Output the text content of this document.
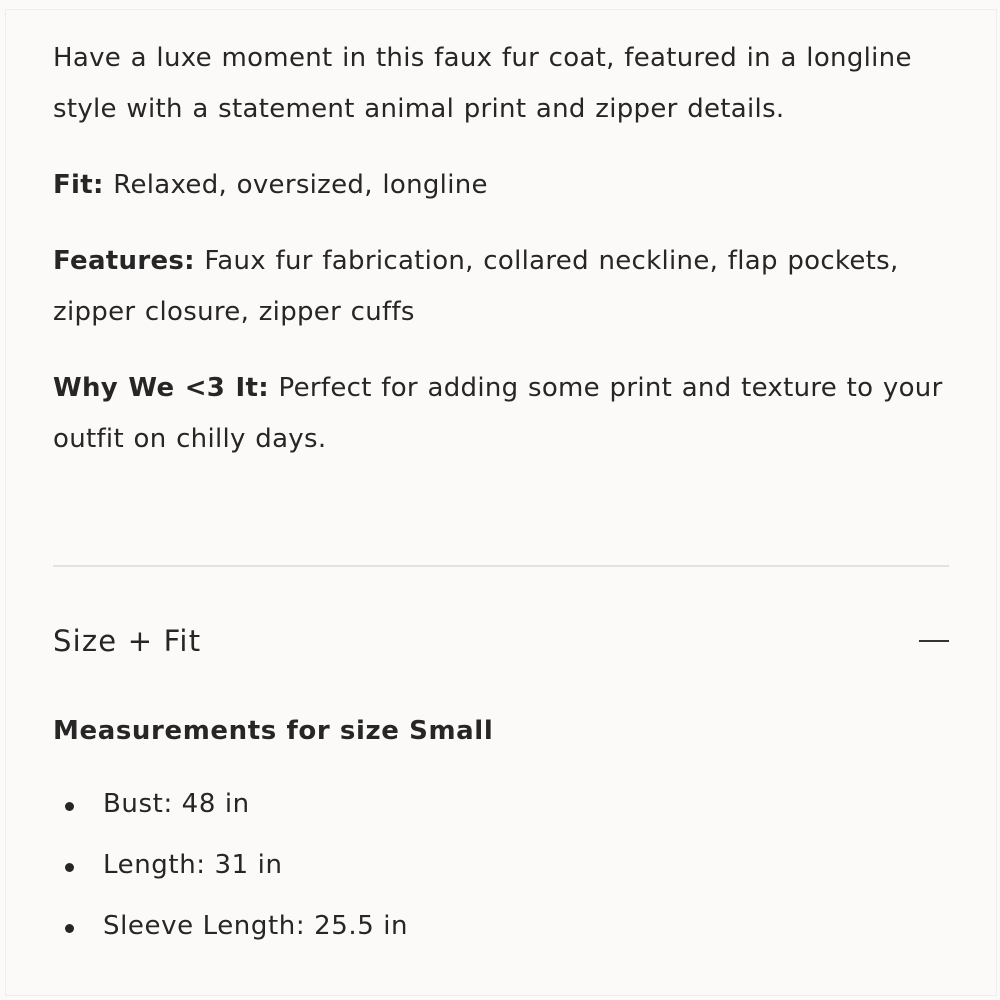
Have a luxe moment in this faux fur coat, featured in a longline style with a statement animal print and zipper details.

Fit: Relaxed, oversized, longline

Features: Faux fur fabrication, collared neckline, flap pockets, zipper closure, zipper cuffs

Why We <3 It: Perfect for adding some print and texture to your outfit on chilly days.

Size + Fit
Measurements for size Small
Bust: 48 in
Length: 31 in
Sleeve Length: 25.5 in
